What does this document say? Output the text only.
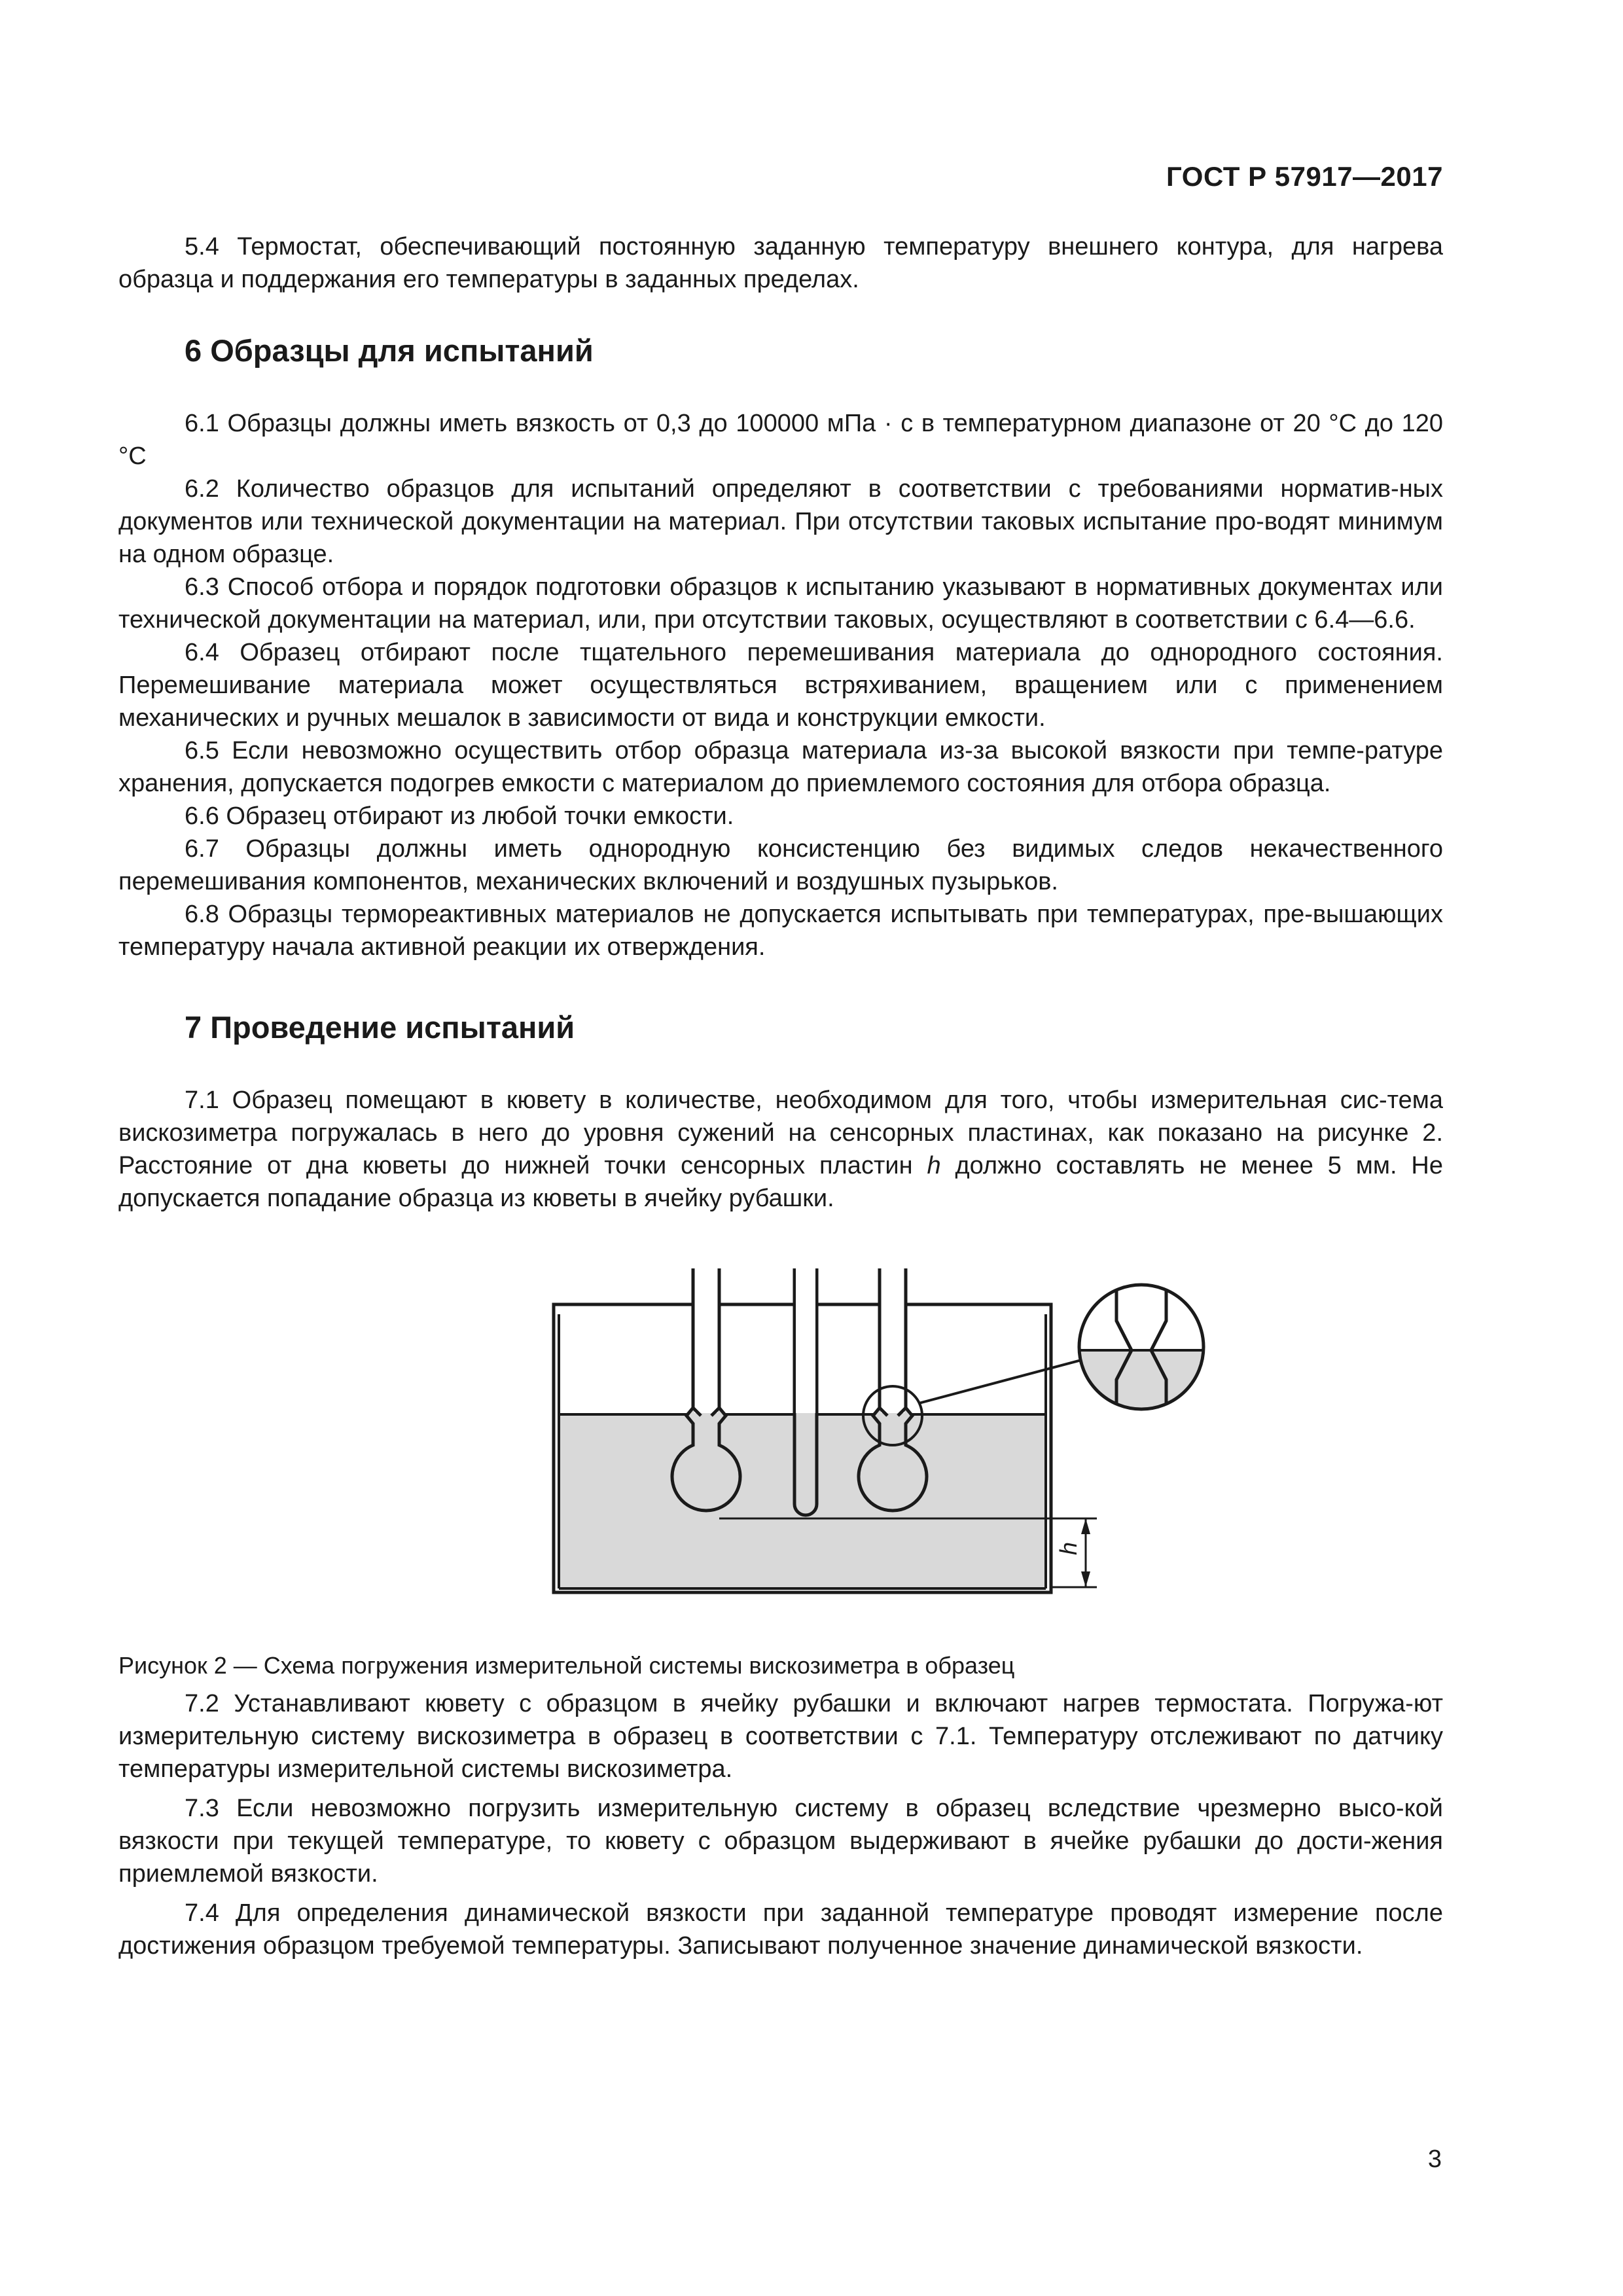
ГОСТ Р 57917—2017

5.4 Термостат, обеспечивающий постоянную заданную температуру внешнего контура, для нагрева образца и поддержания его температуры в заданных пределах.

6 Образцы для испытаний

6.1 Образцы должны иметь вязкость от 0,3 до 100000 мПа · с в температурном диапазоне от 20 °С до 120 °С

6.2 Количество образцов для испытаний определяют в соответствии с требованиями норматив-ных документов или технической документации на материал. При отсутствии таковых испытание про-водят минимум на одном образце.

6.3 Способ отбора и порядок подготовки образцов к испытанию указывают в нормативных документах или технической документации на материал, или, при отсутствии таковых, осуществляют в соответствии с 6.4—6.6.

6.4 Образец отбирают после тщательного перемешивания материала до однородного состояния. Перемешивание материала может осуществляться встряхиванием, вращением или с применением механических и ручных мешалок в зависимости от вида и конструкции емкости.

6.5 Если невозможно осуществить отбор образца материала из-за высокой вязкости при темпе-ратуре хранения, допускается подогрев емкости с материалом до приемлемого состояния для отбора образца.

6.6 Образец отбирают из любой точки емкости.

6.7 Образцы должны иметь однородную консистенцию без видимых следов некачественного перемешивания компонентов, механических включений и воздушных пузырьков.

6.8 Образцы термореактивных материалов не допускается испытывать при температурах, пре-вышающих температуру начала активной реакции их отверждения.

7 Проведение испытаний

7.1 Образец помещают в кювету в количестве, необходимом для того, чтобы измерительная сис-тема вискозиметра погружалась в него до уровня сужений на сенсорных пластинах, как показано на рисунке 2. Расстояние от дна кюветы до нижней точки сенсорных пластин h должно составлять не менее 5 мм. Не допускается попадание образца из кюветы в ячейку рубашки.

h

Рисунок 2 — Схема погружения измерительной системы вискозиметра в образец

7.2 Устанавливают кювету с образцом в ячейку рубашки и включают нагрев термостата. Погружа-ют измерительную систему вискозиметра в образец в соответствии с 7.1. Температуру отслеживают по датчику температуры измерительной системы вискозиметра.

7.3 Если невозможно погрузить измерительную систему в образец вследствие чрезмерно высо-кой вязкости при текущей температуре, то кювету с образцом выдерживают в ячейке рубашки до дости-жения приемлемой вязкости.

7.4 Для определения динамической вязкости при заданной температуре проводят измерение после достижения образцом требуемой температуры. Записывают полученное значение динамической вязкости.

3
